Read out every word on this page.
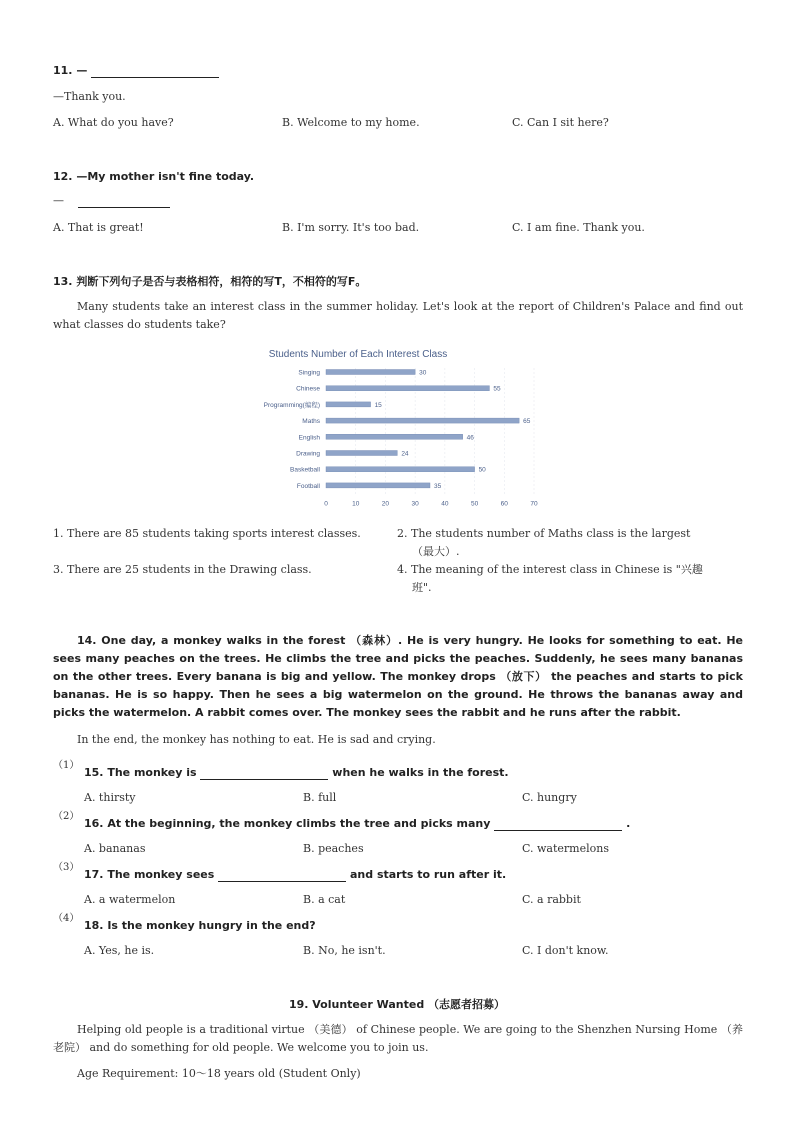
11. —
—Thank you.
A. What do you have?	B. Welcome to my home.	C. Can I sit here?
12. —My mother isn't fine today.
—
A. That is great!	B. I'm sorry. It's too bad.	C. I am fine. Thank you.
13. 判断下列句子是否与表格相符，相符的写T，不相符的写F。
Many students take an interest class in the summer holiday. Let's look at the report of Children's Palace and find out what classes do students take?
Students Number of Each Interest Class
Singing
Chinese
Programming(编程)
Maths
English
Drawing
Basketball
Football
30
55
15
65
46
24
50
35
0	10	20	30	40	50	60	70
1. There are 85 students taking sports interest classes.	2. The students number of Maths class is the largest
（最大）.
3. There are 25 students in the Drawing class.	4. The meaning of the interest class in Chinese is "兴趣
班".
14. One day, a monkey walks in the forest （森林）. He is very hungry. He looks for something to eat. He sees many peaches on the trees. He climbs the tree and picks the peaches. Suddenly, he sees many bananas on the other trees. Every banana is big and yellow. The monkey drops （放下） the peaches and starts to pick bananas. He is so happy. Then he sees a big watermelon on the ground. He throws the bananas away and picks the watermelon. A rabbit comes over. The monkey sees the rabbit and he runs after the rabbit.
In the end, the monkey has nothing to eat. He is sad and crying.
（1）
15. The monkey is	when he walks in the forest.
A. thirsty	B. full	C. hungry
（2）
16. At the beginning, the monkey climbs the tree and picks many	.
A. bananas	B. peaches	C. watermelons
（3）
17. The monkey sees	and starts to run after it.
A. a watermelon	B. a cat	C. a rabbit
（4）
18. Is the monkey hungry in the end?
A. Yes, he is.	B. No, he isn't.	C. I don't know.
19. Volunteer Wanted （志愿者招募）
Helping old people is a traditional virtue （美德） of Chinese people. We are going to the Shenzhen Nursing Home （养老院） and do something for old people. We welcome you to join us.
Age Requirement: 10～18 years old (Student Only)
